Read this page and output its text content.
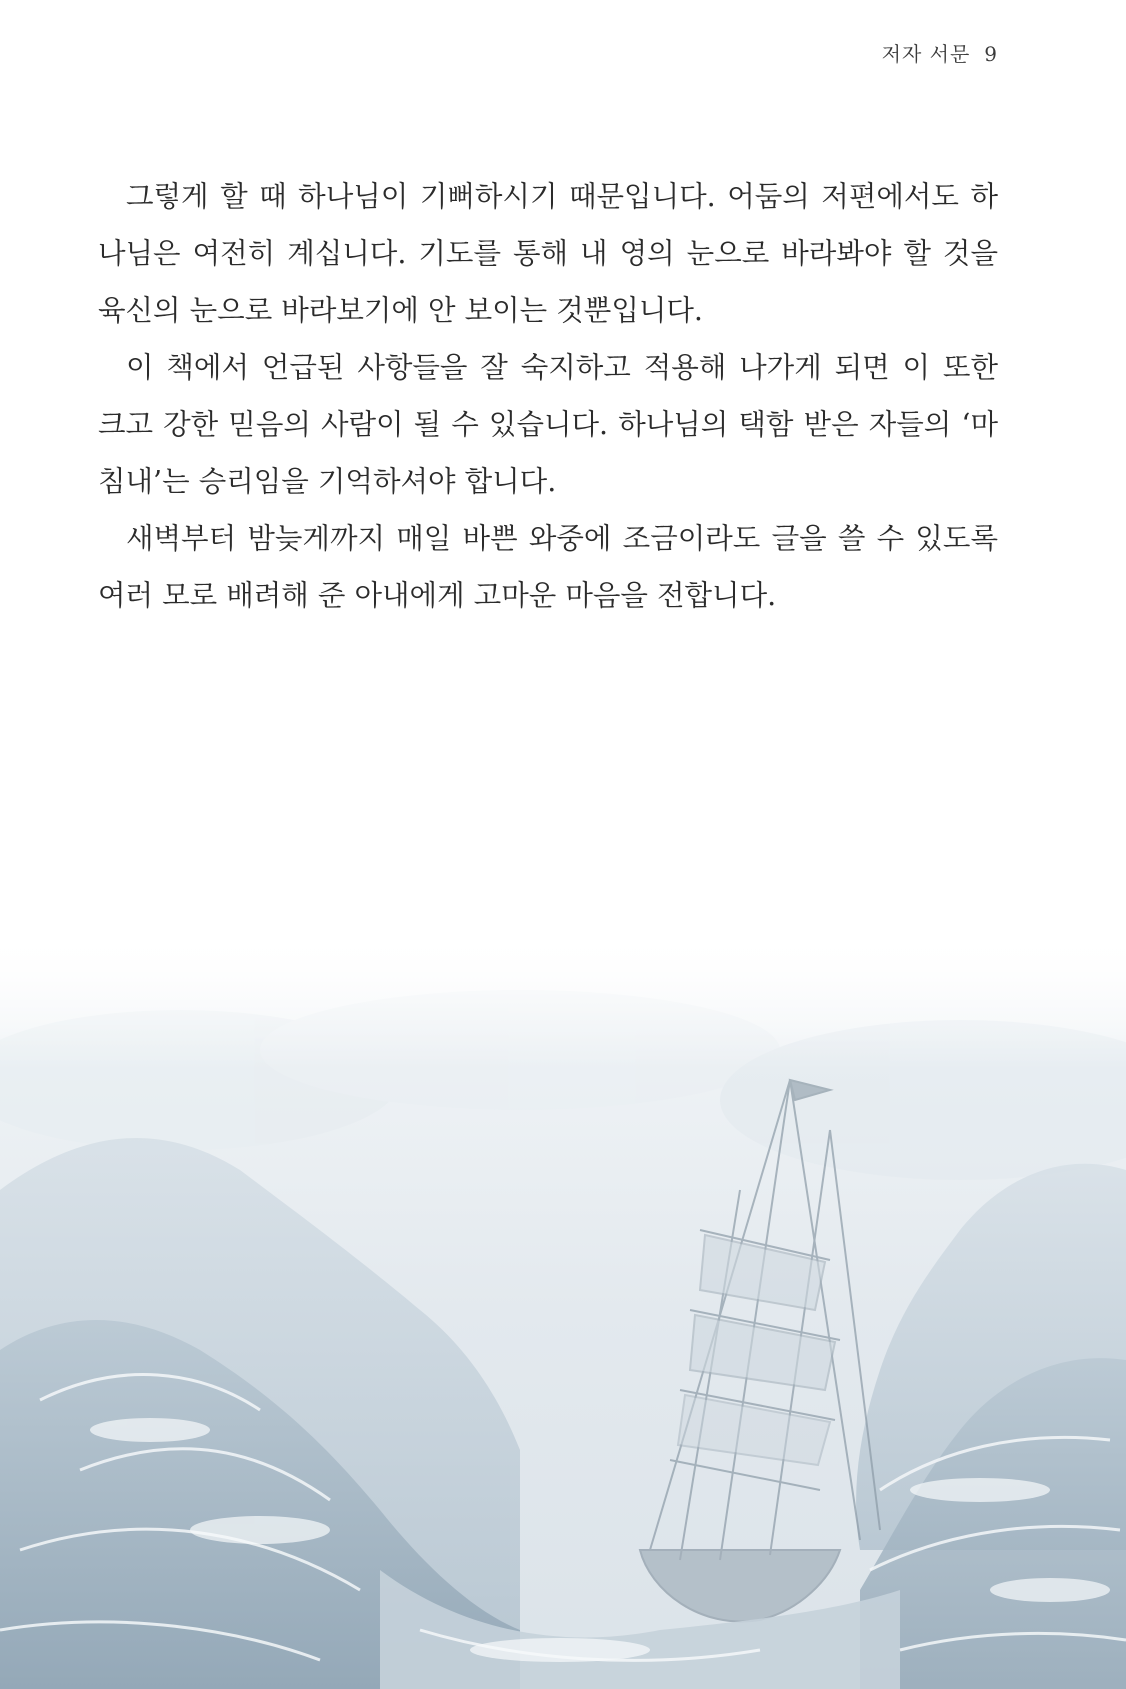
저자 서문 9

그렇게 할 때 하나님이 기뻐하시기 때문입니다. 어둠의 저편에서도 하
나님은 여전히 계십니다. 기도를 통해 내 영의 눈으로 바라봐야 할 것을
육신의 눈으로 바라보기에 안 보이는 것뿐입니다.

이 책에서 언급된 사항들을 잘 숙지하고 적용해 나가게 되면 이 또한
크고 강한 믿음의 사람이 될 수 있습니다. 하나님의 택함 받은 자들의 ‘마
침내’는 승리임을 기억하셔야 합니다.

새벽부터 밤늦게까지 매일 바쁜 와중에 조금이라도 글을 쓸 수 있도록
여러 모로 배려해 준 아내에게 고마운 마음을 전합니다.
